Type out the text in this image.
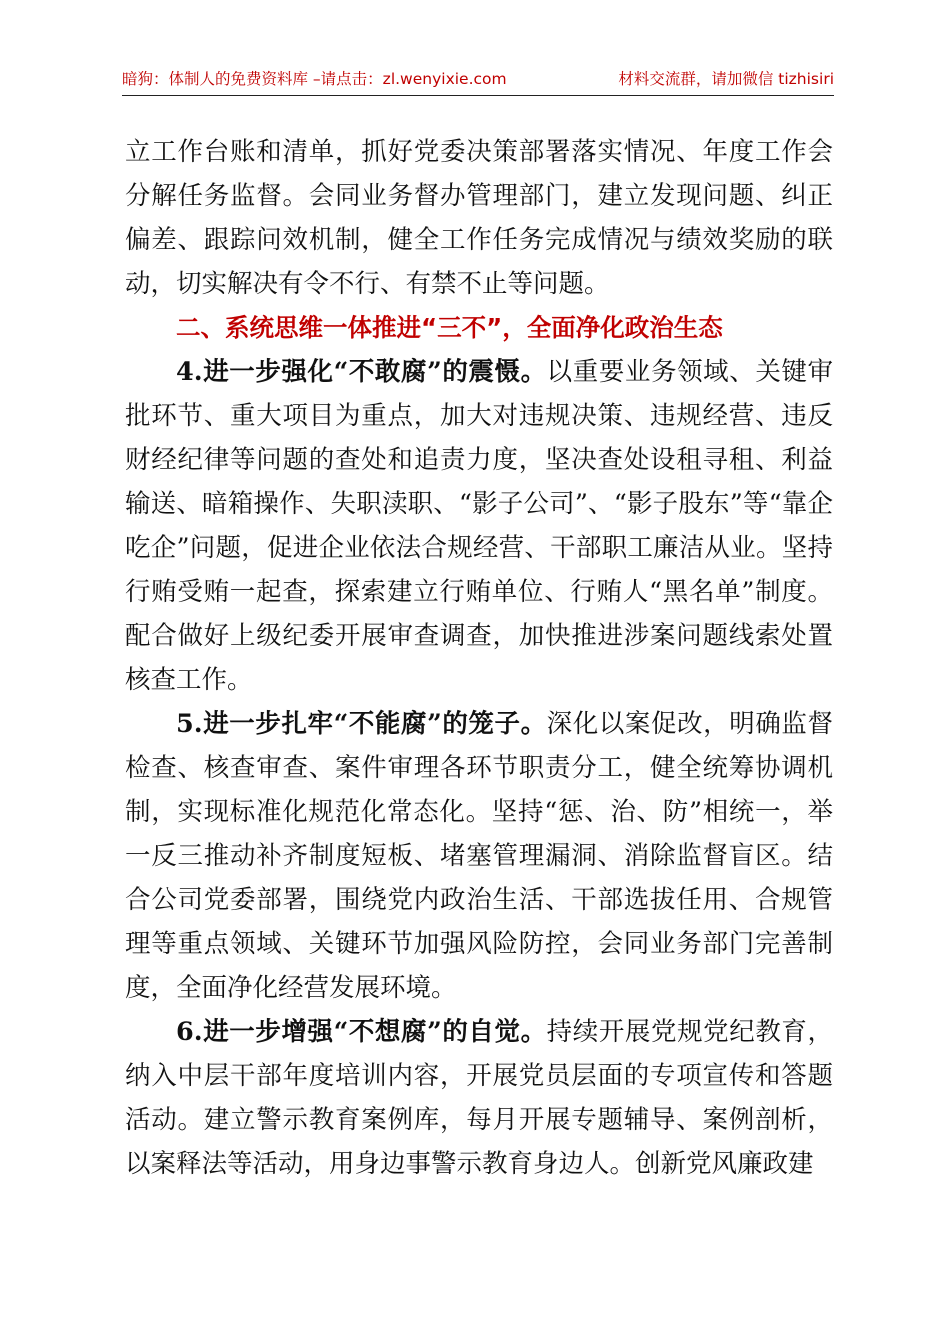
暗狗：体制人的免费资料库 –请点击：zl.wenyixie.com	材料交流群，请加微信 tizhisiri

立工作台账和清单，抓好党委决策部署落实情况、年度工作会分解任务监督。会同业务督办管理部门，建立发现问题、纠正偏差、跟踪问效机制，健全工作任务完成情况与绩效奖励的联动，切实解决有令不行、有禁不止等问题。

二、系统思维一体推进“三不”，全面净化政治生态

4.进一步强化“不敢腐”的震慑。以重要业务领域、关键审批环节、重大项目为重点，加大对违规决策、违规经营、违反财经纪律等问题的查处和追责力度，坚决查处设租寻租、利益输送、暗箱操作、失职渎职、“影子公司”、“影子股东”等“靠企吃企”问题，促进企业依法合规经营、干部职工廉洁从业。坚持行贿受贿一起查，探索建立行贿单位、行贿人“黑名单”制度。配合做好上级纪委开展审查调查，加快推进涉案问题线索处置核查工作。

5.进一步扎牢“不能腐”的笼子。深化以案促改，明确监督检查、核查审查、案件审理各环节职责分工，健全统筹协调机制，实现标准化规范化常态化。坚持“惩、治、防”相统一，举一反三推动补齐制度短板、堵塞管理漏洞、消除监督盲区。结合公司党委部署，围绕党内政治生活、干部选拔任用、合规管理等重点领域、关键环节加强风险防控，会同业务部门完善制度，全面净化经营发展环境。

6.进一步增强“不想腐”的自觉。持续开展党规党纪教育，纳入中层干部年度培训内容，开展党员层面的专项宣传和答题活动。建立警示教育案例库，每月开展专题辅导、案例剖析，以案释法等活动，用身边事警示教育身边人。创新党风廉政建
